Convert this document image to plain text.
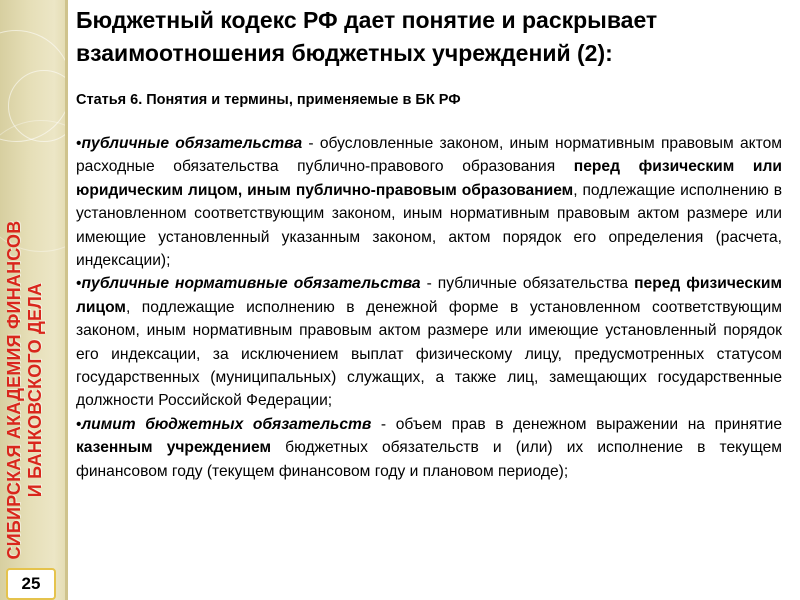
СИБИРСКАЯ АКАДЕМИЯ ФИНАНСОВ И БАНКОВСКОГО ДЕЛА
25
Бюджетный кодекс РФ дает понятие и раскрывает взаимоотношения бюджетных учреждений (2):
Статья 6. Понятия и термины, применяемые в БК РФ

•публичные обязательства - обусловленные законом, иным нормативным правовым актом расходные обязательства публично-правового образования перед физическим или юридическим лицом, иным публично-правовым образованием, подлежащие исполнению в установленном соответствующим законом, иным нормативным правовым актом размере или имеющие установленный указанным законом, актом порядок его определения (расчета, индексации);

•публичные нормативные обязательства - публичные обязательства перед физическим лицом, подлежащие исполнению в денежной форме в установленном соответствующим законом, иным нормативным правовым актом размере или имеющие установленный порядок его индексации, за исключением выплат физическому лицу, предусмотренных статусом государственных (муниципальных) служащих, а также лиц, замещающих государственные должности Российской Федерации;

•лимит бюджетных обязательств - объем прав в денежном выражении на принятие казенным учреждением бюджетных обязательств и (или) их исполнение в текущем финансовом году (текущем финансовом году и плановом периоде);
